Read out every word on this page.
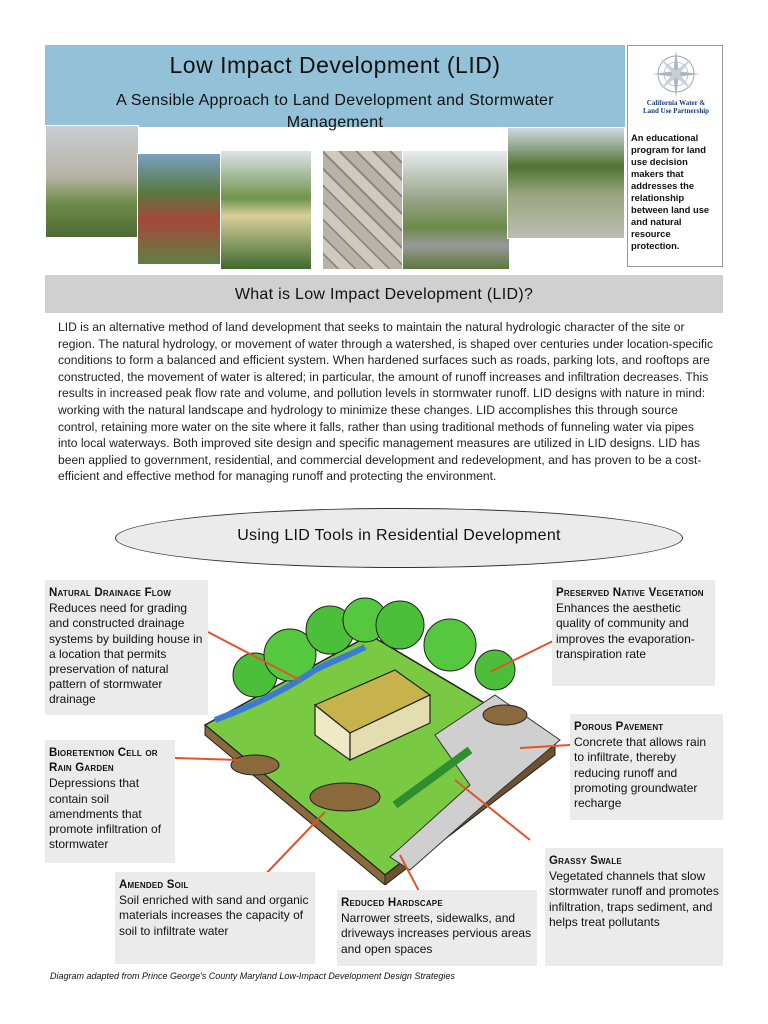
Low Impact Development (LID)
A Sensible Approach to Land Development and Stormwater Management
California Water &
Land Use Partnership
An educational program for land use decision makers that addresses the relationship between land use and natural resource protection.
What is Low Impact Development (LID)?
LID is an alternative method of land development that seeks to maintain the natural hydrologic character of the site or region. The natural hydrology, or movement of water through a watershed, is shaped over centuries under location-specific conditions to form a balanced and efficient system. When hardened surfaces such as roads, parking lots, and rooftops are constructed, the movement of water is altered; in particular, the amount of runoff increases and infiltration decreases. This results in increased peak flow rate and volume, and pollution levels in stormwater runoff. LID designs with nature in mind: working with the natural landscape and hydrology to minimize these changes. LID accomplishes this through source control, retaining more water on the site where it falls, rather than using traditional methods of funneling water via pipes into local waterways. Both improved site design and specific management measures are utilized in LID designs. LID has been applied to government, residential, and commercial development and redevelopment, and has proven to be a cost-efficient and effective method for managing runoff and protecting the environment.
Using LID Tools in Residential Development
Natural Drainage Flow
Reduces need for grading and constructed drainage systems by building house in a location that permits preservation of natural pattern of stormwater drainage
Preserved Native Vegetation
Enhances the aesthetic quality of community and improves the evaporation-transpiration rate
Porous Pavement
Concrete that allows rain to infiltrate, thereby reducing runoff and promoting groundwater recharge
Bioretention Cell or Rain Garden
Depressions that contain soil amendments that promote infiltration of stormwater
Grassy Swale
Vegetated channels that slow stormwater runoff and promotes infiltration, traps sediment, and helps treat pollutants
Amended Soil
Soil enriched with sand and organic materials increases the capacity of soil to infiltrate water
Reduced Hardscape
Narrower streets, sidewalks, and driveways increases pervious areas and open spaces
Diagram adapted from Prince George's County Maryland Low-Impact Development Design Strategies
